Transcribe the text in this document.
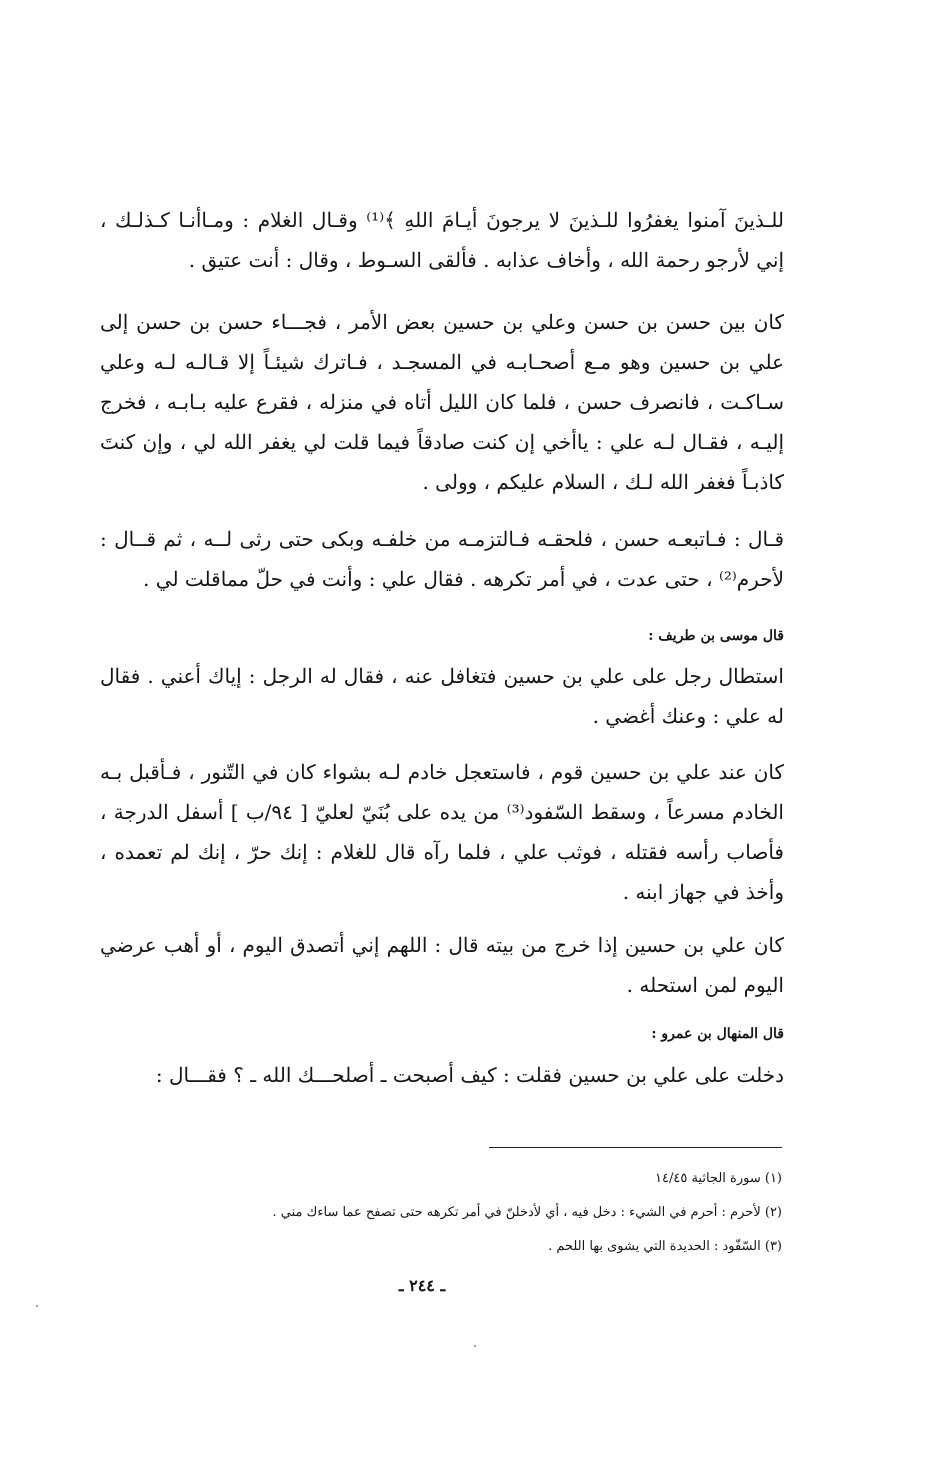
للـذينَ آمنوا يغفرُوا للـذينَ لا يرجونَ أيـامَ اللهِ ﴾⁽¹⁾ وقـال الغلام : ومـاأنـا كـذلـك ، إني لأرجو رحمة الله ، وأخاف عذابه . فألقى السـوط ، وقال : أنت عتيق .

كان بين حسن بن حسن وعلي بن حسين بعض الأمر ، فجـــاء حسن بن حسن إلى علي بن حسين وهو مـع أصحـابـه في المسجـد ، فـاترك شيئـاً إلا قـالـه لـه وعلي سـاكـت ، فانصرف حسن ، فلما كان الليل أتاه في منزله ، فقرع عليه بـابـه ، فخرج إليـه ، فقـال لـه علي : ياأخي إن كنت صادقاً فيما قلت لي يغفر الله لي ، وإن كنتَ كاذبـاً فغفر الله لـك ، السلام عليكم ، وولى .

قـال : فـاتبعـه حسن ، فلحقـه فـالتزمـه من خلفـه وبكى حتى رثى لــه ، ثم قــال : لأحرم⁽²⁾ ، حتى عدت ، في أمر تكرهه . فقال علي : وأنت في حلّ مماقلت لي .

قال موسى بن طريف :

استطال رجل على علي بن حسين فتغافل عنه ، فقال له الرجل : إياك أعني . فقال له علي : وعنك أغضي .

كان عند علي بن حسين قوم ، فاستعجل خادم لـه بشواء كان في التّنور ، فـأقبل بـه الخادم مسرعاً ، وسقط السّفود⁽³⁾ من يده على بُنَيّ لعليّ [ ٩٤/ب ] أسفل الدرجة ، فأصاب رأسه فقتله ، فوثب علي ، فلما رآه قال للغلام : إنك حرّ ، إنك لم تعمده ، وأخذ في جهاز ابنه .

كان علي بن حسين إذا خرج من بيته قال : اللهم إني أتصدق اليوم ، أو أهب عرضي اليوم لمن استحله .

قال المنهال بن عمرو :

دخلت على علي بن حسين فقلت : كيف أصبحت ـ أصلحـــك الله ـ ؟ فقـــال :

(١) سورة الجاثية ١٤/٤٥

(٢) لأحرم : أحرم في الشيء : دخل فيه ، أي لأدخلنّ في أمر تكرهه حتى تصفح عما ساءك مني .

(٣) السّفّود : الحديدة التي يشوى بها اللحم .

ـ ٢٤٤ ـ
